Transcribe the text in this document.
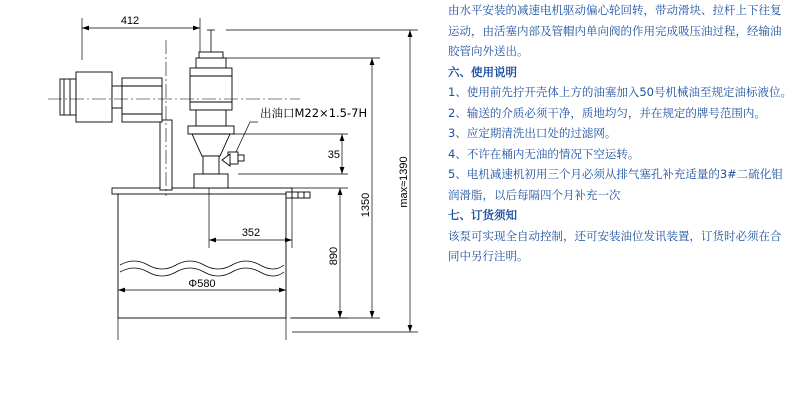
412
出油口M22×1.5-7H
35
1350 max≈1390
890
352
Φ580

由水平安装的减速电机驱动偏心轮回转，带动滑块、拉杆上下往复运动，由活塞内部及管帽内单向阀的作用完成吸压油过程，经输油胶管向外送出。

六、使用说明

1、使用前先拧开壳体上方的油塞加入50号机械油至规定油标液位。

2、输送的介质必须干净，质地均匀，并在规定的牌号范围内。

3、应定期清洗出口处的过滤网。

4、不许在桶内无油的情况下空运转。

5、电机减速机初用三个月必须从排气塞孔补充适量的3#二硫化钼润滑脂，以后每隔四个月补充一次

七、订货须知

该泵可实现全自动控制，还可安装油位发讯装置，订货时必须在合同中另行注明。
